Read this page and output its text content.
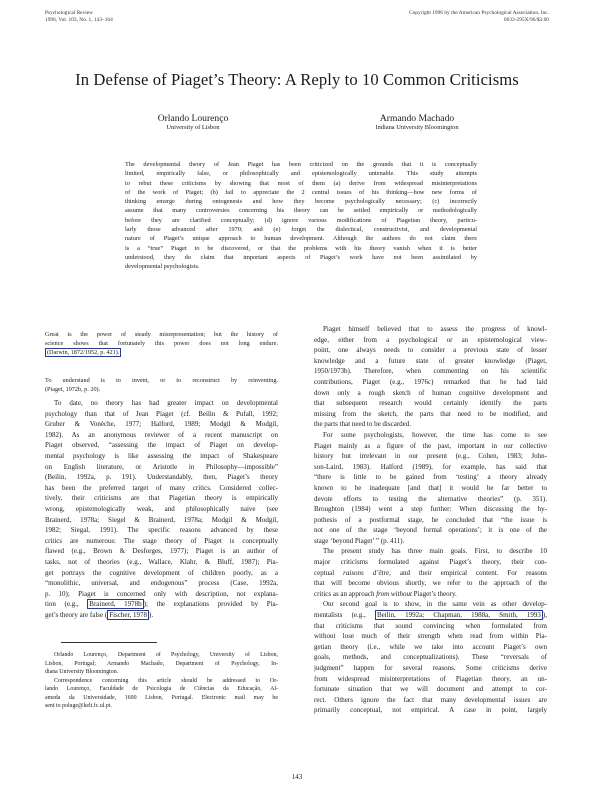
Psychological Review
1996, Vol. 103, No. 1, 143–164
Copyright 1996 by the American Psychological Association, Inc.
0033-295X/96/$3.00
In Defense of Piaget’s Theory: A Reply to 10 Common Criticisms
Orlando Lourenço
University of Lisbon
Armando Machado
Indiana University Bloomington
The developmental theory of Jean Piaget has been criticized on the grounds that it is conceptually
limited, empirically false, or philosophically and epistemologically untenable. This study attempts
to rebut these criticisms by showing that most of them (a) derive from widespread misinterpretations
of the work of Piaget; (b) fail to appreciate the 2 central issues of his thinking—how new forms of
thinking emerge during ontogenesis and how they become psychologically necessary; (c) incorrectly
assume that many controversies concerning his theory can be settled empirically or methodologically
before they are clarified conceptually; (d) ignore various modifications of Piagetian theory, particu-
larly those advanced after 1970; and (e) forget the dialectical, constructivist, and developmental
nature of Piaget’s unique approach to human development. Although the authors do not claim there
is a “true” Piaget to be discovered, or that the problems with his theory vanish when it is better
understood, they do claim that important aspects of Piaget’s work have not been assimilated by
developmental psychologists.
Great is the power of steady misrepresentation; but the history of
science shows that fortunately this power does not long endure.
(Darwin, 1872/1952, p. 421).
To understand is to invent, or to reconstruct by reinventing.
(Piaget, 1972b, p. 20).
To date, no theory has had greater impact on developmental
psychology than that of Jean Piaget (cf. Beilin & Pufall, 1992;
Gruber & Vonèche, 1977; Halford, 1989; Modgil & Modgil,
1982). As an anonymous reviewer of a recent manuscript on
Piaget observed, “assessing the impact of Piaget on develop-
mental psychology is like assessing the impact of Shakespeare
on English literature, or Aristotle in Philosophy—impossible”
(Beilin, 1992a, p. 191). Understandably, then, Piaget’s theory
has been the preferred target of many critics. Considered collec-
tively, their criticisms are that Piagetian theory is empirically
wrong, epistemologically weak, and philosophically naive (see
Brainerd, 1978a; Siegel & Brainerd, 1978a; Modgil & Modgil,
1982; Siegal, 1991). The specific reasons advanced by these
critics are numerous: The stage theory of Piaget is conceptually
flawed (e.g., Brown & Desforges, 1977); Piaget is an author of
tasks, not of theories (e.g., Wallace, Klahr, & Bluff, 1987); Pia-
get portrays the cognitive development of children poorly, as a
“monolithic, universal, and endogenous” process (Case, 1992a,
p. 10); Piaget is concerned only with description, not explana-
tion (e.g., Brainerd, 1978b ); the explanations provided by Pia-
get’s theory are false ( Fischer, 1978 ).
Orlando Lourenço, Department of Psychology, University of Lisbon,
Lisbon, Portugal; Armando Machado, Department of Psychology, In-
diana University Bloomington.
Correspondence concerning this article should be addressed to Or-
lando Lourenço, Faculdade de Psicologia de Ciências da Educação, Al-
ameda da Universidade, 1600 Lisbon, Portugal. Electronic mail may be
sent to poluge@kelt.fc.ul.pt.
Piaget himself believed that to assess the progress of knowl-
edge, either from a psychological or an epistemological view-
point, one always needs to consider a previous state of lesser
knowledge and a future state of greater knowledge (Piaget,
1950/1973b). Therefore, when commenting on his scientific
contributions, Piaget (e.g., 1976c) remarked that he had laid
down only a rough sketch of human cognitive development and
that subsequent research would certainly identify the parts
missing from the sketch, the parts that need to be modified, and
the parts that need to be discarded.
For some psychologists, however, the time has come to see
Piaget mainly as a figure of the past, important in our collective
history but irrelevant in our present (e.g., Cohen, 1983; John-
son-Laird, 1983). Halford (1989), for example, has said that
“there is little to be gained from ‘testing’ a theory already
known to be inadequate [and that] it would be far better to
devote efforts to testing the alternative theories” (p. 351).
Broughton (1984) went a step further: When discussing the hy-
pothesis of a postformal stage, he concluded that “the issue is
not one of the stage ‘beyond formal operations’; it is one of the
stage ‘beyond Piaget’ ” (p. 411).
The present study has three main goals. First, to describe 10
major criticisms formulated against Piaget’s theory, their con-
ceptual raisons d’être, and their empirical content. For reasons
that will become obvious shortly, we refer to the approach of the
critics as an approach from without Piaget’s theory.
Our second goal is to show, in the same vein as other develop-
mentalists (e.g., Beilin, 1992a; Chapman, 1988a, Smith, 1993 ),
that criticisms that sound convincing when formulated from
without lose much of their strength when read from within Pia-
getian theory (i.e., while we take into account Piaget’s own
goals, methods, and conceptualizations). These “reversals of
judgment” happen for several reasons. Some criticisms derive
from widespread misinterpretations of Piagetian theory, an un-
fortunate situation that we will document and attempt to cor-
rect. Others ignore the fact that many developmental issues are
primarily conceptual, not empirical. A case in point, largely
143
